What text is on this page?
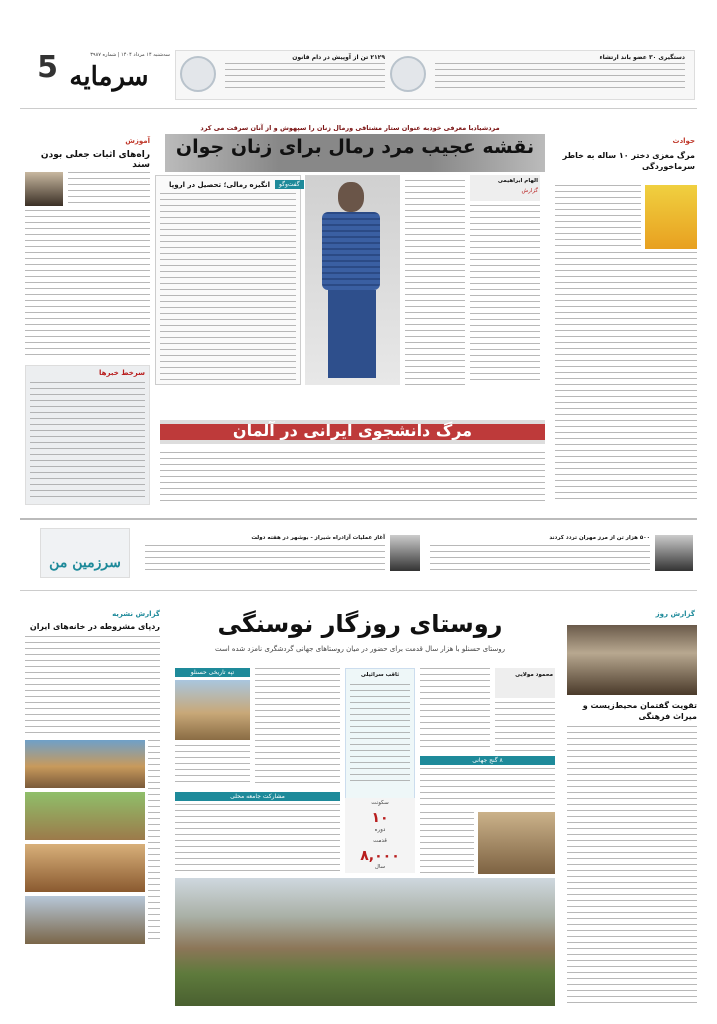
5	سه‌شنبه ۱۴ مرداد ۱۴۰۴ | شماره ۳۹۸۷
سرمایه
۲۱۲۹ تن از آوپیش در دام قانون	دستگیری ۳۰ عضو باند ارتشاء
آموزش
راه‌های اثبات جعلی بودن سند
سرخط خبرها
مردشیادبا معرفی خودبه عنوان ستار مشتاقی ورمال زنان را سپهوش و از آنان سرقت می کرد
نقشه عجیب مرد رمال برای زنان جوان
گفت‌وگو
انگیزه رمالی؛ تحصیل در اروپا	الهام ابراهیمی
گزارش
حوادث
مرگ مغزی دختر ۱۰ ساله به خاطر سرماخوردگی
مرگ دانشجوی ایرانی در آلمان
سرزمین من
آغاز عملیات آزادراه شیراز - بوشهر در هفته دولت	۵۰۰ هزار تن از مرز مهران تردد کردند
گزارش نشریه
ردپای مشروطه در خانه‌های ایران	روستای روزگار نوسنگی
روستای حسنلو با هزار سال قدمت برای حضور در میان روستاهای جهانی گردشگری نامزد شده است
محمود مولایی
ثاقب سرائیلی
سکونت
۱۰
دوره
قدمت
۸,۰۰۰
سال
تپه تاریخی حسنلو
مشارکت جامعه محلی
۸ گنج جهانی
گزارش روز
تقویت گفتمان محیط‌زیست و میراث فرهنگی
